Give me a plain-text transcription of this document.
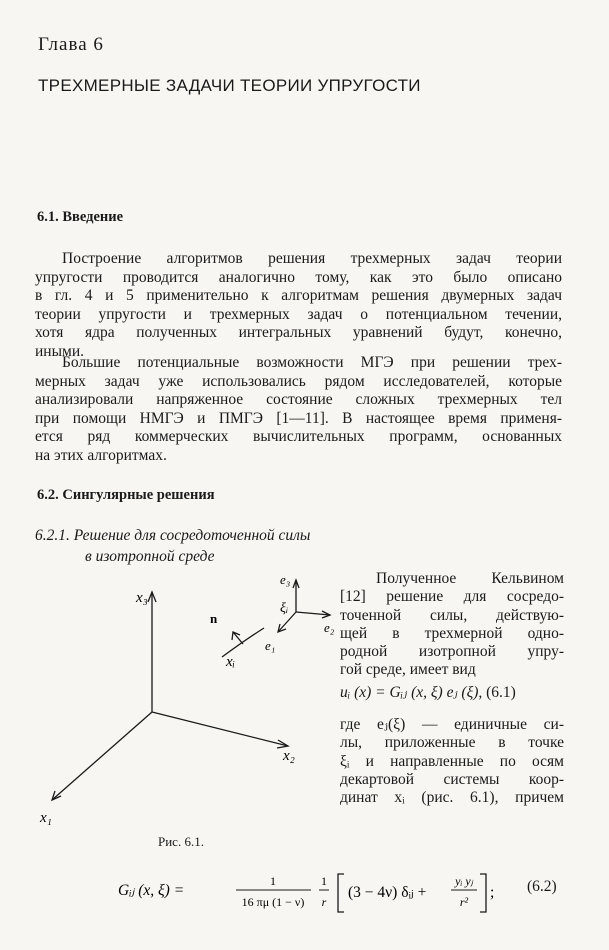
Глава 6
ТРЕХМЕРНЫЕ ЗАДАЧИ ТЕОРИИ УПРУГОСТИ
6.1. Введение
Построение алгоритмов решения трехмерных задач теории
упругости проводится аналогично тому, как это было описано
в гл. 4 и 5 применительно к алгоритмам решения двумерных задач
теории упругости и трехмерных задач о потенциальном течении,
хотя ядра полученных интегральных уравнений будут, конечно,
иными.
Большие потенциальные возможности МГЭ при решении трех-
мерных задач уже использовались рядом исследователей, которые
анализировали напряженное состояние сложных трехмерных тел
при помощи НМГЭ и ПМГЭ [1—11]. В настоящее время применя-
ется ряд коммерческих вычислительных программ, основанных
на этих алгоритмах.
6.2. Сингулярные решения
6.2.1. Решение для сосредоточенной силы
в изотропной среде
Полученное Кельвином
[12] решение для сосредо-
точенной силы, действую-
щей в трехмерной одно-
родной изотропной упру-
гой среде, имеет вид
uᵢ (x) = Gᵢⱼ (x, ξ) eⱼ (ξ), (6.1)
где eⱼ(ξ) — единичные си-
лы, приложенные в точке
ξᵢ и направленные по осям
декартовой системы коор-
динат xᵢ (рис. 6.1), причем
x₃
x₂
x₁
n
xᵢ
e₃
e₂
e₁
ξᵢ
Рис. 6.1.
Gᵢⱼ (x, ξ) =
1
16 πμ (1 − ν)
1
r
(3 − 4ν) δᵢⱼ +
yᵢ yⱼ
r²
; (6.2)
